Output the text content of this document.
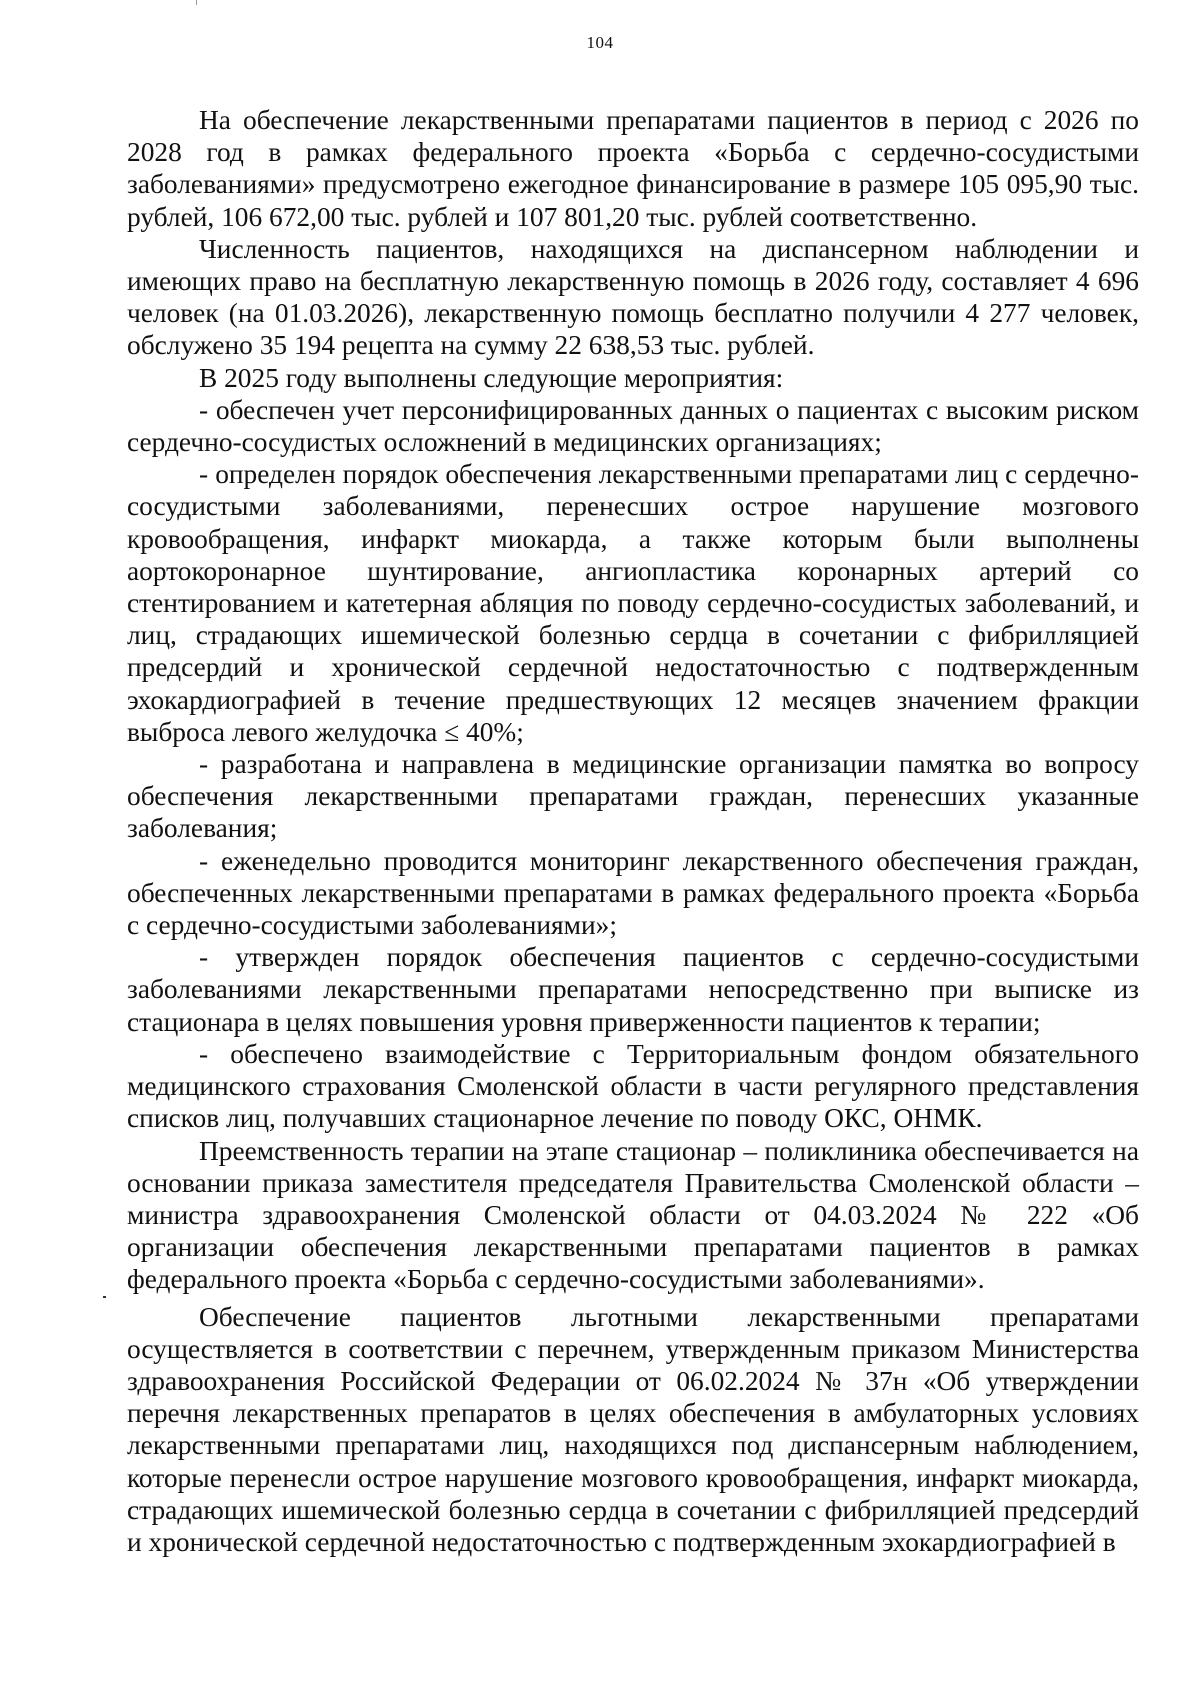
104

На обеспечение лекарственными препаратами пациентов в период с 2026 по 2028 год в рамках федерального проекта «Борьба с сердечно-сосудистыми заболеваниями» предусмотрено ежегодное финансирование в размере 105 095,90 тыс. рублей, 106 672,00 тыс. рублей и 107 801,20 тыс. рублей соответственно.

Численность пациентов, находящихся на диспансерном наблюдении и имеющих право на бесплатную лекарственную помощь в 2026 году, составляет 4 696 человек (на 01.03.2026), лекарственную помощь бесплатно получили 4 277 человек, обслужено 35 194 рецепта на сумму 22 638,53 тыс. рублей.

В 2025 году выполнены следующие мероприятия:

- обеспечен учет персонифицированных данных о пациентах с высоким риском сердечно-сосудистых осложнений в медицинских организациях;

- определен порядок обеспечения лекарственными препаратами лиц с сердечно-сосудистыми заболеваниями, перенесших острое нарушение мозгового кровообращения, инфаркт миокарда, а также которым были выполнены аортокоронарное шунтирование, ангиопластика коронарных артерий со стентированием и катетерная абляция по поводу сердечно-сосудистых заболеваний, и лиц, страдающих ишемической болезнью сердца в сочетании с фибрилляцией предсердий и хронической сердечной недостаточностью с подтвержденным эхокардиографией в течение предшествующих 12 месяцев значением фракции выброса левого желудочка ≤ 40%;

- разработана и направлена в медицинские организации памятка во вопросу обеспечения лекарственными препаратами граждан, перенесших указанные заболевания;

- еженедельно проводится мониторинг лекарственного обеспечения граждан, обеспеченных лекарственными препаратами в рамках федерального проекта «Борьба с сердечно-сосудистыми заболеваниями»;

- утвержден порядок обеспечения пациентов с сердечно-сосудистыми заболеваниями лекарственными препаратами непосредственно при выписке из стационара в целях повышения уровня приверженности пациентов к терапии;

- обеспечено взаимодействие с Территориальным фондом обязательного медицинского страхования Смоленской области в части регулярного представления списков лиц, получавших стационарное лечение по поводу ОКС, ОНМК.

Преемственность терапии на этапе стационар – поликлиника обеспечивается на основании приказа заместителя председателя Правительства Смоленской области – министра здравоохранения Смоленской области от 04.03.2024 № 222 «Об организации обеспечения лекарственными препаратами пациентов в рамках федерального проекта «Борьба с сердечно-сосудистыми заболеваниями».

Обеспечение пациентов льготными лекарственными препаратами осуществляется в соответствии с перечнем, утвержденным приказом Министерства здравоохранения Российской Федерации от 06.02.2024 № 37н «Об утверждении перечня лекарственных препаратов в целях обеспечения в амбулаторных условиях лекарственными препаратами лиц, находящихся под диспансерным наблюдением, которые перенесли острое нарушение мозгового кровообращения, инфаркт миокарда, страдающих ишемической болезнью сердца в сочетании с фибрилляцией предсердий и хронической сердечной недостаточностью с подтвержденным эхокардиографией в
